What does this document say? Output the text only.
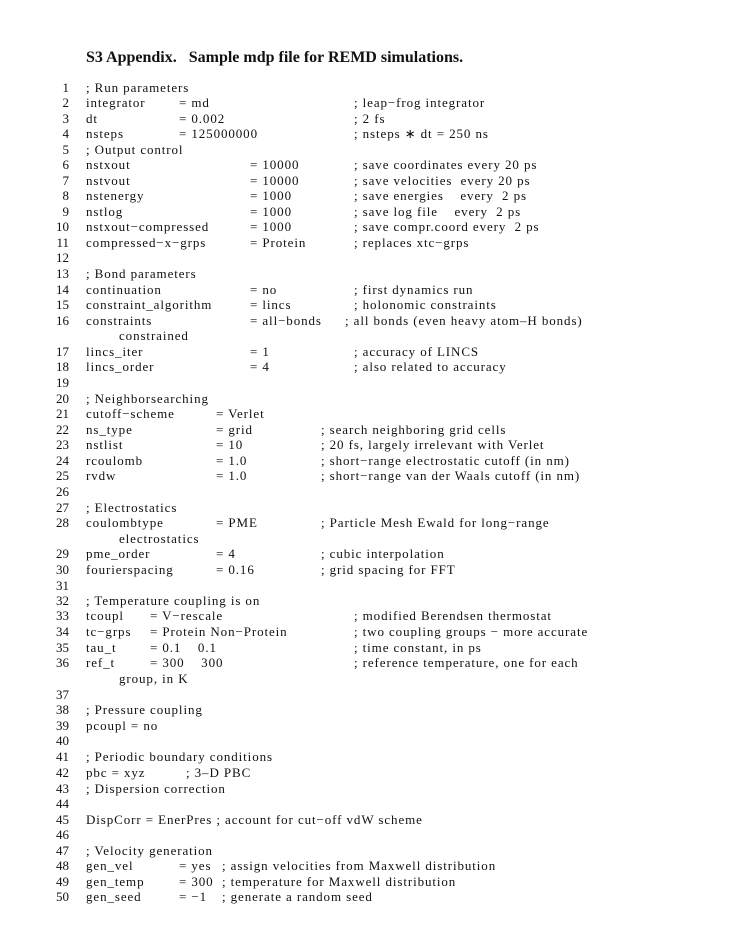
S3 Appendix.   Sample mdp file for REMD simulations.
1 ; Run parameters
2 integrator	= md	; leap−frog integrator
3 dt	= 0.002	; 2 fs
4 nsteps	= 125000000	; nsteps ∗ dt = 250 ns
5 ; Output control
6 nstxout	= 10000	; save coordinates every 20 ps
7 nstvout	= 10000	; save velocities  every 20 ps
8 nstenergy	= 1000	; save energies    every  2 ps
9 nstlog	= 1000	; save log file    every  2 ps
10 nstxout−compressed	= 1000	; save compr.coord every  2 ps
11 compressed−x−grps	= Protein	; replaces xtc−grps
12
13 ; Bond parameters
14 continuation	= no	; first dynamics run
15 constraint_algorithm	= lincs	; holonomic constraints
16 constraints	= all−bonds ; all bonds (even heavy atom–H bonds)
constrained
17 lincs_iter	= 1	; accuracy of LINCS
18 lincs_order	= 4	; also related to accuracy
19
20 ; Neighborsearching
21 cutoff−scheme	= Verlet
22 ns_type	= grid	; search neighboring grid cells
23 nstlist	= 10	; 20 fs, largely irrelevant with Verlet
24 rcoulomb	= 1.0	; short−range electrostatic cutoff (in nm)
25 rvdw	= 1.0	; short−range van der Waals cutoff (in nm)
26
27 ; Electrostatics
28 coulombtype	= PME	; Particle Mesh Ewald for long−range
electrostatics
29 pme_order	= 4	; cubic interpolation
30 fourierspacing	= 0.16	; grid spacing for FFT
31
32 ; Temperature coupling is on
33 tcoupl = V−rescale	; modified Berendsen thermostat
34 tc−grps = Protein Non−Protein	; two coupling groups − more accurate
35 tau_t	= 0.1    0.1	; time constant, in ps
36 ref_t	= 300    300	; reference temperature, one for each
group, in K
37
38 ; Pressure coupling
39 pcoupl = no
40
41 ; Periodic boundary conditions
42 pbc = xyz	; 3–D PBC
43 ; Dispersion correction
44
45 DispCorr = EnerPres ; account for cut−off vdW scheme
46
47 ; Velocity generation
48 gen_vel	= yes ; assign velocities from Maxwell distribution
49 gen_temp	= 300 ; temperature for Maxwell distribution
50 gen_seed	= −1 ; generate a random seed
